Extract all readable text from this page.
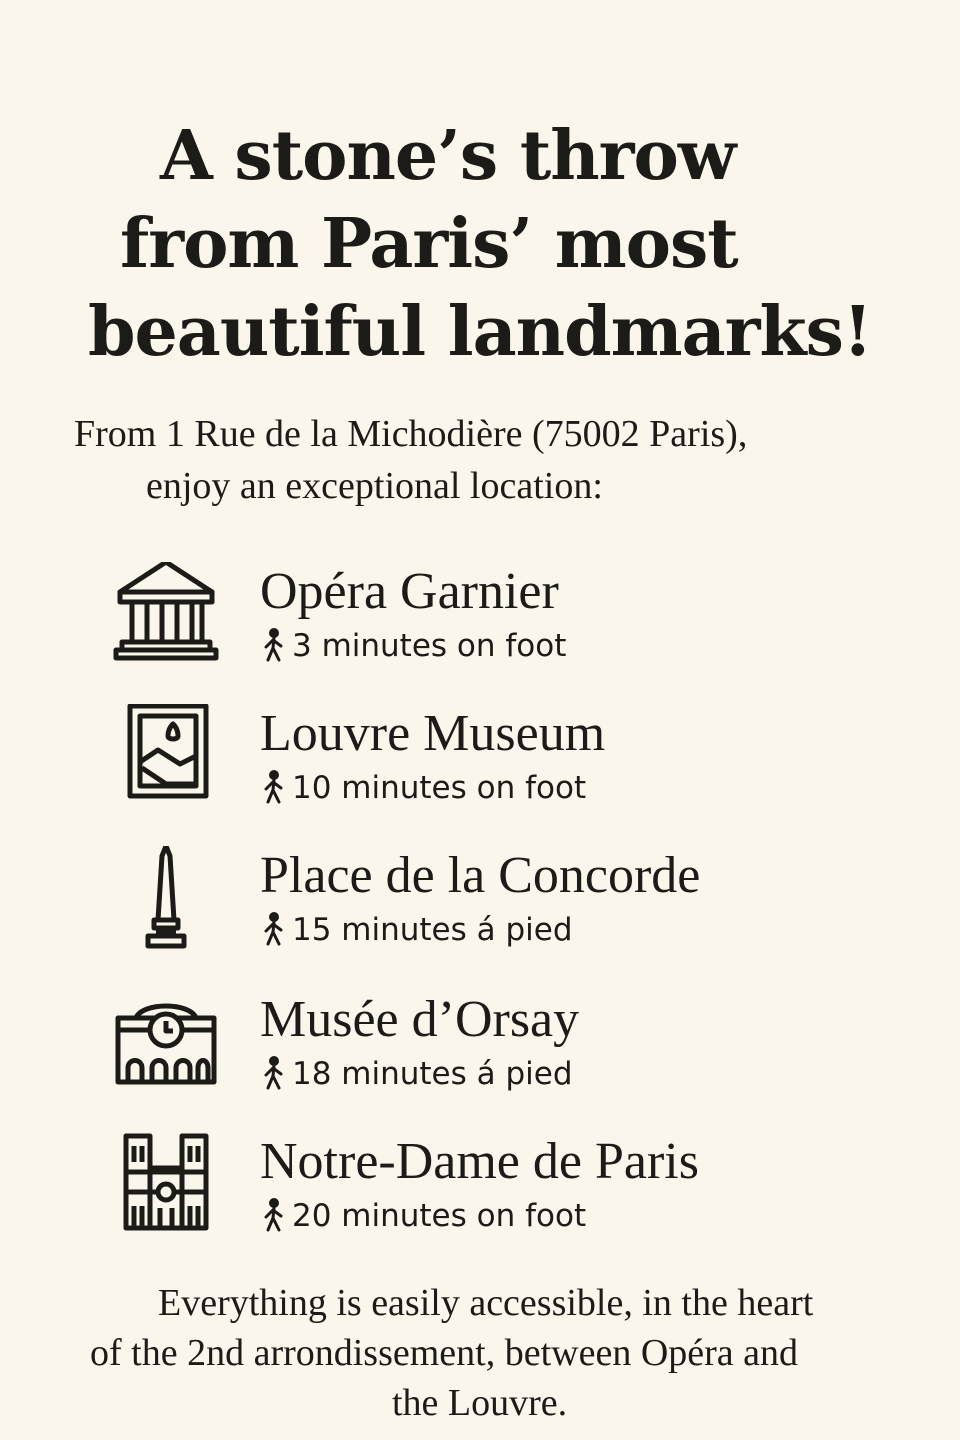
A stone’s throw
from Paris’ most
beautiful landmarks!
From 1 Rue de la Michodière (75002 Paris),
enjoy an exceptional location:
Opéra Garnier
3 minutes on foot
Louvre Museum
10 minutes on foot
Place de la Concorde
15 minutes á pied
Musée d’Orsay
18 minutes á pied
Notre-Dame de Paris
20 minutes on foot
Everything is easily accessible, in the heart
of the 2nd arrondissement, between Opéra and
the Louvre.
